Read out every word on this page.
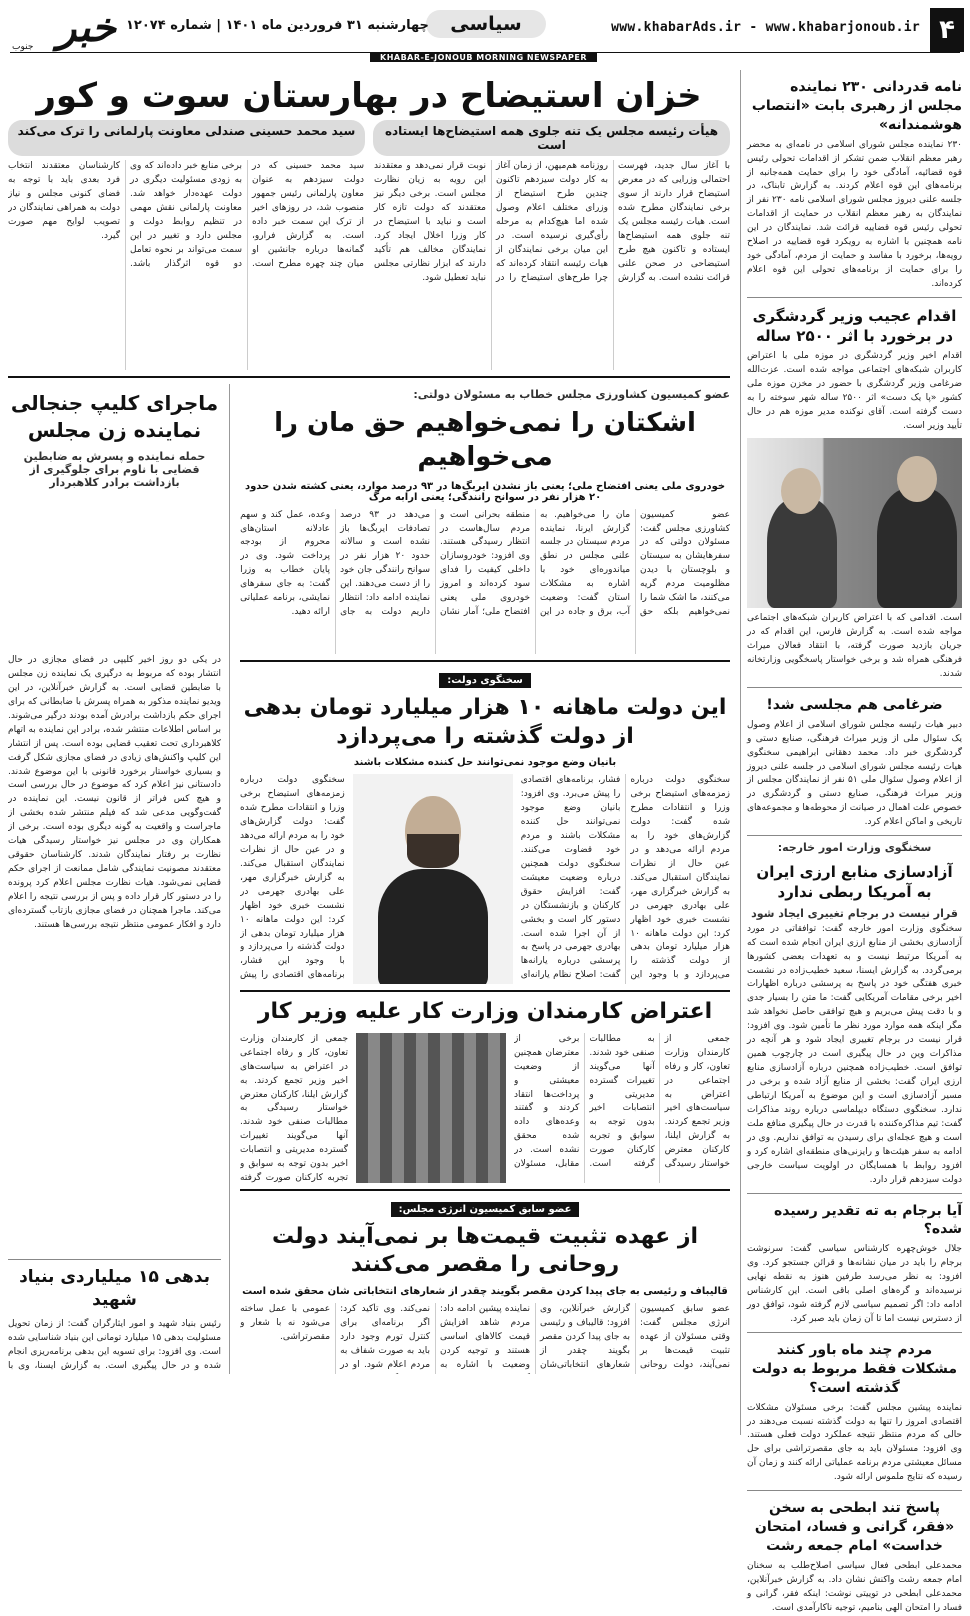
۴
www.khabarAds.ir - www.khabarjonoub.ir
سیاسی
چهارشنبه ۳۱ فروردین ماه ۱۴۰۱ | شماره ۱۲۰۷۴
خبر
جنوب
KHABAR-E-JONOUB MORNING NEWSPAPER
نامه قدردانی ۲۳۰ نماینده مجلس از رهبری بابت «انتصاب هوشمندانه»
۲۳۰ نماینده مجلس شورای اسلامی در نامه‌ای به محضر رهبر معظم انقلاب ضمن تشکر از اقدامات تحولی رئیس قوه قضائیه، آمادگی خود را برای حمایت همه‌جانبه از برنامه‌های این قوه اعلام کردند. به گزارش تابناک، در جلسه علنی دیروز مجلس شورای اسلامی نامه ۲۳۰ نفر از نمایندگان به رهبر معظم انقلاب در حمایت از اقدامات تحولی رئیس قوه قضاییه قرائت شد. نمایندگان در این نامه همچنین با اشاره به رویکرد قوه قضاییه در اصلاح رویه‌ها، برخورد با مفاسد و حمایت از مردم، آمادگی خود را برای حمایت از برنامه‌های تحولی این قوه اعلام کرده‌اند.
اقدام عجیب وزیر گردشگری در برخورد با اثر ۲۵۰۰ ساله
اقدام اخیر وزیر گردشگری در موزه ملی با اعتراض کاربران شبکه‌های اجتماعی مواجه شده است. عزت‌الله ضرغامی وزیر گردشگری با حضور در مخزن موزه ملی کشور «پا یک دست» اثر ۲۵۰۰ ساله شهر سوخته را به دست گرفته است. آقای نوکنده مدیر موزه هم در حال تأیید وزیر است.
است. اقدامی که با اعتراض کاربران شبکه‌های اجتماعی مواجه شده است. به گزارش فارس، این اقدام که در جریان بازدید صورت گرفته، با انتقاد فعالان میراث فرهنگی همراه شد و برخی خواستار پاسخگویی وزارتخانه شدند.
ضرغامی هم مجلسی شد!
دبیر هیات رئیسه مجلس شورای اسلامی از اعلام وصول یک سئوال ملی از وزیر میراث فرهنگی، صنایع دستی و گردشگری خبر داد. محمد دهقانی ابراهیمی سخنگوی هیات رئیسه مجلس شورای اسلامی در جلسه علنی دیروز از اعلام وصول سئوال ملی ۵۱ نفر از نمایندگان مجلس از وزیر میراث فرهنگی، صنایع دستی و گردشگری در خصوص علت اهمال در صیانت از محوطه‌ها و مجموعه‌های تاریخی و اماکن اعلام کرد.
سخنگوی وزارت امور خارجه:
آزادسازی منابع ارزی ایران به آمریکا ربطی ندارد
قرار نیست در برجام تغییری ایجاد شود
سخنگوی وزارت امور خارجه گفت: توافقاتی در مورد آزادسازی بخشی از منابع ارزی ایران انجام شده است که به آمریکا مرتبط نیست و به تعهدات بعضی کشورها برمی‌گردد. به گزارش ایسنا، سعید خطیب‌زاده در نشست خبری هفتگی خود در پاسخ به پرسشی درباره اظهارات اخیر برخی مقامات آمریکایی گفت: ما متن را بسیار جدی و با دقت پیش می‌بریم و هیچ توافقی حاصل نخواهد شد مگر اینکه همه موارد مورد نظر ما تأمین شود. وی افزود: قرار نیست در برجام تغییری ایجاد شود و هر آنچه در مذاکرات وین در حال پیگیری است در چارچوب همین توافق است. خطیب‌زاده همچنین درباره آزادسازی منابع ارزی ایران گفت: بخشی از منابع آزاد شده و برخی در مسیر آزادسازی است و این موضوع به آمریکا ارتباطی ندارد. سخنگوی دستگاه دیپلماسی درباره روند مذاکرات گفت: تیم مذاکره‌کننده با قدرت در حال پیگیری منافع ملت است و هیچ عجله‌ای برای رسیدن به توافق نداریم. وی در ادامه به سفر هیئت‌ها و رایزنی‌های منطقه‌ای اشاره کرد و افزود روابط با همسایگان در اولویت سیاست خارجی دولت سیزدهم قرار دارد.
آیا برجام به ته‌ تقدیر رسیده شده؟
جلال خوش‌چهره کارشناس سیاسی گفت: سرنوشت برجام را باید در میان نشانه‌ها و قرائن جستجو کرد. وی افزود: به نظر می‌رسد طرفین هنوز به نقطه نهایی نرسیده‌اند و گره‌های اصلی باقی است. این کارشناس ادامه داد: اگر تصمیم سیاسی لازم گرفته شود، توافق دور از دسترس نیست اما تا آن زمان باید صبر کرد.
مردم چند ماه باور کنند مشکلات فقط مربوط به دولت گذشته است؟
نماینده پیشین مجلس گفت: برخی مسئولان مشکلات اقتصادی امروز را تنها به دولت گذشته نسبت می‌دهند در حالی که مردم منتظر نتیجه عملکرد دولت فعلی هستند. وی افزود: مسئولان باید به جای مقصرتراشی برای حل مسائل معیشتی مردم برنامه عملیاتی ارائه کنند و زمان آن رسیده که نتایج ملموس ارائه شود.
پاسخ تند ابطحی به سخن «فقر، گرانی و فساد، امتحان خداست» امام جمعه رشت
محمدعلی ابطحی فعال سیاسی اصلاح‌طلب به سخنان امام جمعه رشت واکنش نشان داد. به گزارش خبرآنلاین، محمدعلی ابطحی در توییتی نوشت: اینکه فقر، گرانی و فساد را امتحان الهی بنامیم، توجیه ناکارآمدی است.
خزان استیضاح در بهارستان سوت و کور
هیأت رئیسه مجلس یک تنه جلوی همه استیضاح‌ها ایستاده است
سید محمد حسینی صندلی معاونت پارلمانی را ترک می‌کند
با آغاز سال جدید، فهرست احتمالی وزرایی که در معرض استیضاح قرار دارند از سوی برخی نمایندگان مطرح شده است. هیات رئیسه مجلس یک تنه جلوی همه استیضاح‌ها ایستاده و تاکنون هیچ طرح استیضاحی در صحن علنی قرائت نشده است. به گزارش روزنامه هم‌میهن، از زمان آغاز به کار دولت سیزدهم تاکنون چندین طرح استیضاح از وزرای مختلف اعلام وصول شده اما هیچ‌کدام به مرحله رأی‌گیری نرسیده است. در این میان برخی نمایندگان از هیات رئیسه انتقاد کرده‌اند که چرا طرح‌های استیضاح را در نوبت قرار نمی‌دهد و معتقدند این رویه به زیان نظارت مجلس است. برخی دیگر نیز معتقدند که دولت تازه کار است و نباید با استیضاح در کار وزرا اخلال ایجاد کرد. نمایندگان مخالف هم تأکید دارند که ابزار نظارتی مجلس نباید تعطیل شود.
سید محمد حسینی که در دولت سیزدهم به عنوان معاون پارلمانی رئیس جمهور منصوب شد، در روزهای اخیر از ترک این سمت خبر داده است. به گزارش فرارو، گمانه‌ها درباره جانشین او میان چند چهره مطرح است. برخی منابع خبر داده‌اند که وی به زودی مسئولیت دیگری در دولت عهده‌دار خواهد شد. معاونت پارلمانی نقش مهمی در تنظیم روابط دولت و مجلس دارد و تغییر در این سمت می‌تواند بر نحوه تعامل دو قوه اثرگذار باشد. کارشناسان معتقدند انتخاب فرد بعدی باید با توجه به فضای کنونی مجلس و نیاز دولت به همراهی نمایندگان در تصویب لوایح مهم صورت گیرد.
عضو کمیسیون کشاورزی مجلس خطاب به مسئولان دولتی:
اشکتان را نمی‌خواهیم حق مان را می‌خواهیم
خودروی ملی یعنی افتضاح ملی؛ یعنی باز نشدن ایربگ‌ها در ۹۳ درصد موارد، یعنی کشته شدن حدود ۲۰ هزار نفر در سوانح رانندگی؛ یعنی ارابه مرگ
عضو کمیسیون کشاورزی مجلس گفت: مسئولان دولتی که در سفرهایشان به سیستان و بلوچستان با دیدن مظلومیت مردم گریه می‌کنند، ما اشک شما را نمی‌خواهیم بلکه حق مان را می‌خواهیم. به گزارش ایرنا، نماینده مردم سیستان در جلسه علنی مجلس در نطق میاندوره‌ای خود با اشاره به مشکلات استان گفت: وضعیت آب، برق و جاده در این منطقه بحرانی است و مردم سال‌هاست در انتظار رسیدگی هستند. وی افزود: خودروسازان داخلی کیفیت را فدای سود کرده‌اند و امروز خودروی ملی یعنی افتضاح ملی؛ آمار نشان می‌دهد در ۹۳ درصد تصادفات ایربگ‌ها باز نشده است و سالانه حدود ۲۰ هزار نفر در سوانح رانندگی جان خود را از دست می‌دهند. این نماینده ادامه داد: انتظار داریم دولت به جای وعده، عمل کند و سهم عادلانه استان‌های محروم از بودجه پرداخت شود. وی در پایان خطاب به وزرا گفت: به جای سفرهای نمایشی، برنامه عملیاتی ارائه دهید.
ماجرای کلیپ جنجالی نماینده زن مجلس
حمله نماینده و پسرش به ضابطین قضایی با ناوم برای جلوگیری از بازداشت برادر کلاهبردار
سخنگوی دولت:
این دولت ماهانه ۱۰ هزار میلیارد تومان بدهی از دولت گذشته را می‌پردازد
بانیان وضع موجود نمی‌توانند حل کننده مشکلات باشند
سخنگوی دولت درباره زمزمه‌های استیضاح برخی وزرا و انتقادات مطرح شده گفت: دولت گزارش‌های خود را به مردم ارائه می‌دهد و در عین حال از نظرات نمایندگان استقبال می‌کند. به گزارش خبرگزاری مهر، علی بهادری جهرمی در نشست خبری خود اظهار کرد: این دولت ماهانه ۱۰ هزار میلیارد تومان بدهی از دولت گذشته را می‌پردازد و با وجود این فشار، برنامه‌های اقتصادی را پیش می‌برد. وی افزود: بانیان وضع موجود نمی‌توانند حل کننده مشکلات باشند و مردم خود قضاوت می‌کنند. سخنگوی دولت همچنین درباره وضعیت معیشت گفت: افزایش حقوق کارکنان و بازنشستگان در دستور کار است و بخشی از آن اجرا شده است. بهادری جهرمی در پاسخ به پرسشی درباره یارانه‌ها گفت: اصلاح نظام یارانه‌ای
سخنگوی دولت درباره زمزمه‌های استیضاح برخی وزرا و انتقادات مطرح شده گفت: دولت گزارش‌های خود را به مردم ارائه می‌دهد و در عین حال از نظرات نمایندگان استقبال می‌کند. به گزارش خبرگزاری مهر، علی بهادری جهرمی در نشست خبری خود اظهار کرد: این دولت ماهانه ۱۰ هزار میلیارد تومان بدهی از دولت گذشته را می‌پردازد و با وجود این فشار، برنامه‌های اقتصادی را پیش
اعتراض کارمندان وزارت کار علیه وزیر کار
جمعی از کارمندان وزارت تعاون، کار و رفاه اجتماعی در اعتراض به سیاست‌های اخیر وزیر تجمع کردند. به گزارش ایلنا، کارکنان معترض خواستار رسیدگی به مطالبات صنفی خود شدند. آنها می‌گویند تغییرات گسترده مدیریتی و انتصابات اخیر بدون توجه به سوابق و تجربه کارکنان صورت گرفته است. برخی از معترضان همچنین از وضعیت معیشتی و پرداخت‌ها انتقاد کردند و گفتند وعده‌های داده شده محقق نشده است. در مقابل، مسئولان
جمعی از کارمندان وزارت تعاون، کار و رفاه اجتماعی در اعتراض به سیاست‌های اخیر وزیر تجمع کردند. به گزارش ایلنا، کارکنان معترض خواستار رسیدگی به مطالبات صنفی خود شدند. آنها می‌گویند تغییرات گسترده مدیریتی و انتصابات اخیر بدون توجه به سوابق و تجربه کارکنان صورت گرفته
عضو سابق کمیسیون انرژی مجلس:
از عهده تثبیت قیمت‌ها بر نمی‌آیند دولت روحانی را مقصر می‌کنند
قالیباف و رئیسی به جای پیدا کردن مقصر بگویند چقدر از شعارهای انتخاباتی شان محقق شده است
عضو سابق کمیسیون انرژی مجلس گفت: وقتی مسئولان از عهده تثبیت قیمت‌ها بر نمی‌آیند، دولت روحانی گزارش خبرآنلاین، وی افزود: قالیباف و رئیسی به جای پیدا کردن مقصر بگویند چقدر از شعارهای انتخاباتی‌شان نماینده پیشین ادامه داد: مردم شاهد افزایش قیمت کالاهای اساسی هستند و توجیه کردن وضعیت با اشاره به نمی‌کند. وی تأکید کرد: اگر برنامه‌ای برای کنترل تورم وجود دارد باید به صورت شفاف به مردم اعلام شود. او در عمومی با عمل ساخته می‌شود نه با شعار و مقصرتراشی.
در یکی دو روز اخیر کلیپی در فضای مجازی در حال انتشار بوده که مربوط به درگیری یک نماینده زن مجلس با ضابطین قضایی است. به گزارش خبرآنلاین، در این ویدیو نماینده مذکور به همراه پسرش با ضابطانی که برای اجرای حکم بازداشت برادرش آمده بودند درگیر می‌شوند. بر اساس اطلاعات منتشر شده، برادر این نماینده به اتهام کلاهبرداری تحت تعقیب قضایی بوده است. پس از انتشار این کلیپ واکنش‌های زیادی در فضای مجازی شکل گرفت و بسیاری خواستار برخورد قانونی با این موضوع شدند. دادستانی نیز اعلام کرد که موضوع در حال بررسی است و هیچ کس فراتر از قانون نیست. این نماینده در گفت‌وگویی مدعی شد که فیلم منتشر شده بخشی از ماجراست و واقعیت به گونه دیگری بوده است. برخی از همکاران وی در مجلس نیز خواستار رسیدگی هیات نظارت بر رفتار نمایندگان شدند. کارشناسان حقوقی معتقدند مصونیت نمایندگی شامل ممانعت از اجرای حکم قضایی نمی‌شود. هیات نظارت مجلس اعلام کرد پرونده را در دستور کار قرار داده و پس از بررسی نتیجه را اعلام می‌کند. ماجرا همچنان در فضای مجازی بازتاب گسترده‌ای دارد و افکار عمومی منتظر نتیجه بررسی‌ها هستند.
بدهی ۱۵ میلیاردی بنیاد شهید
رئیس بنیاد شهید و امور ایثارگران گفت: از زمان تحویل مسئولیت بدهی ۱۵ میلیارد تومانی این بنیاد شناسایی شده است. وی افزود: برای تسویه این بدهی برنامه‌ریزی انجام شده و در حال پیگیری است. به گزارش ایسنا، وی با
